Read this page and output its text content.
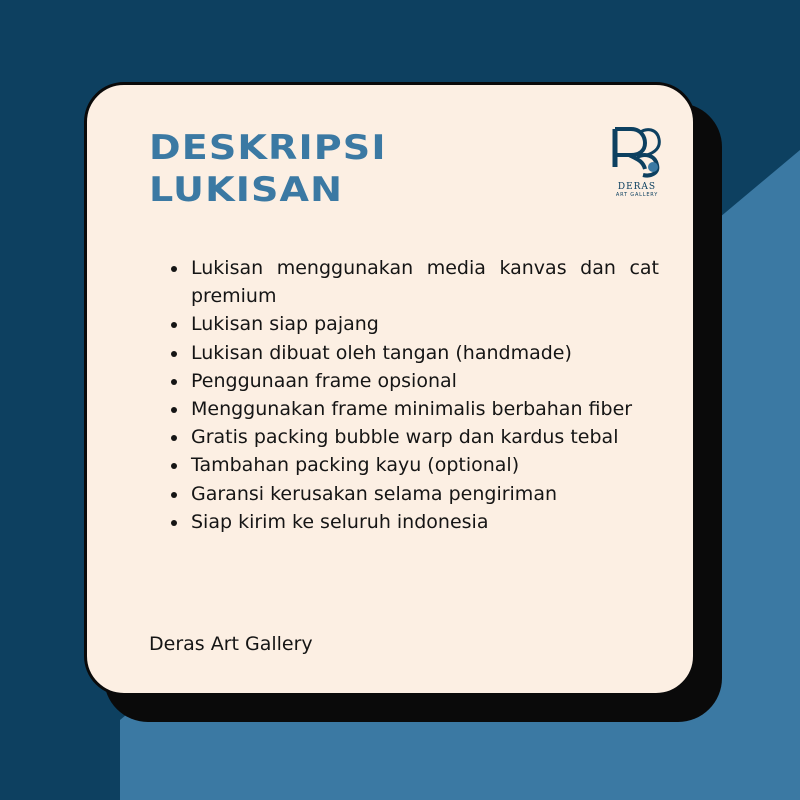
DESKRIPSI
LUKISAN	DERAS
ART GALLERY
• Lukisan menggunakan media kanvas dan cat premium
• Lukisan siap pajang
• Lukisan dibuat oleh tangan (handmade)
• Penggunaan frame opsional
• Menggunakan frame minimalis berbahan fiber
• Gratis packing bubble warp dan kardus tebal
• Tambahan packing kayu (optional)
• Garansi kerusakan selama pengiriman
• Siap kirim ke seluruh indonesia
Deras Art Gallery
